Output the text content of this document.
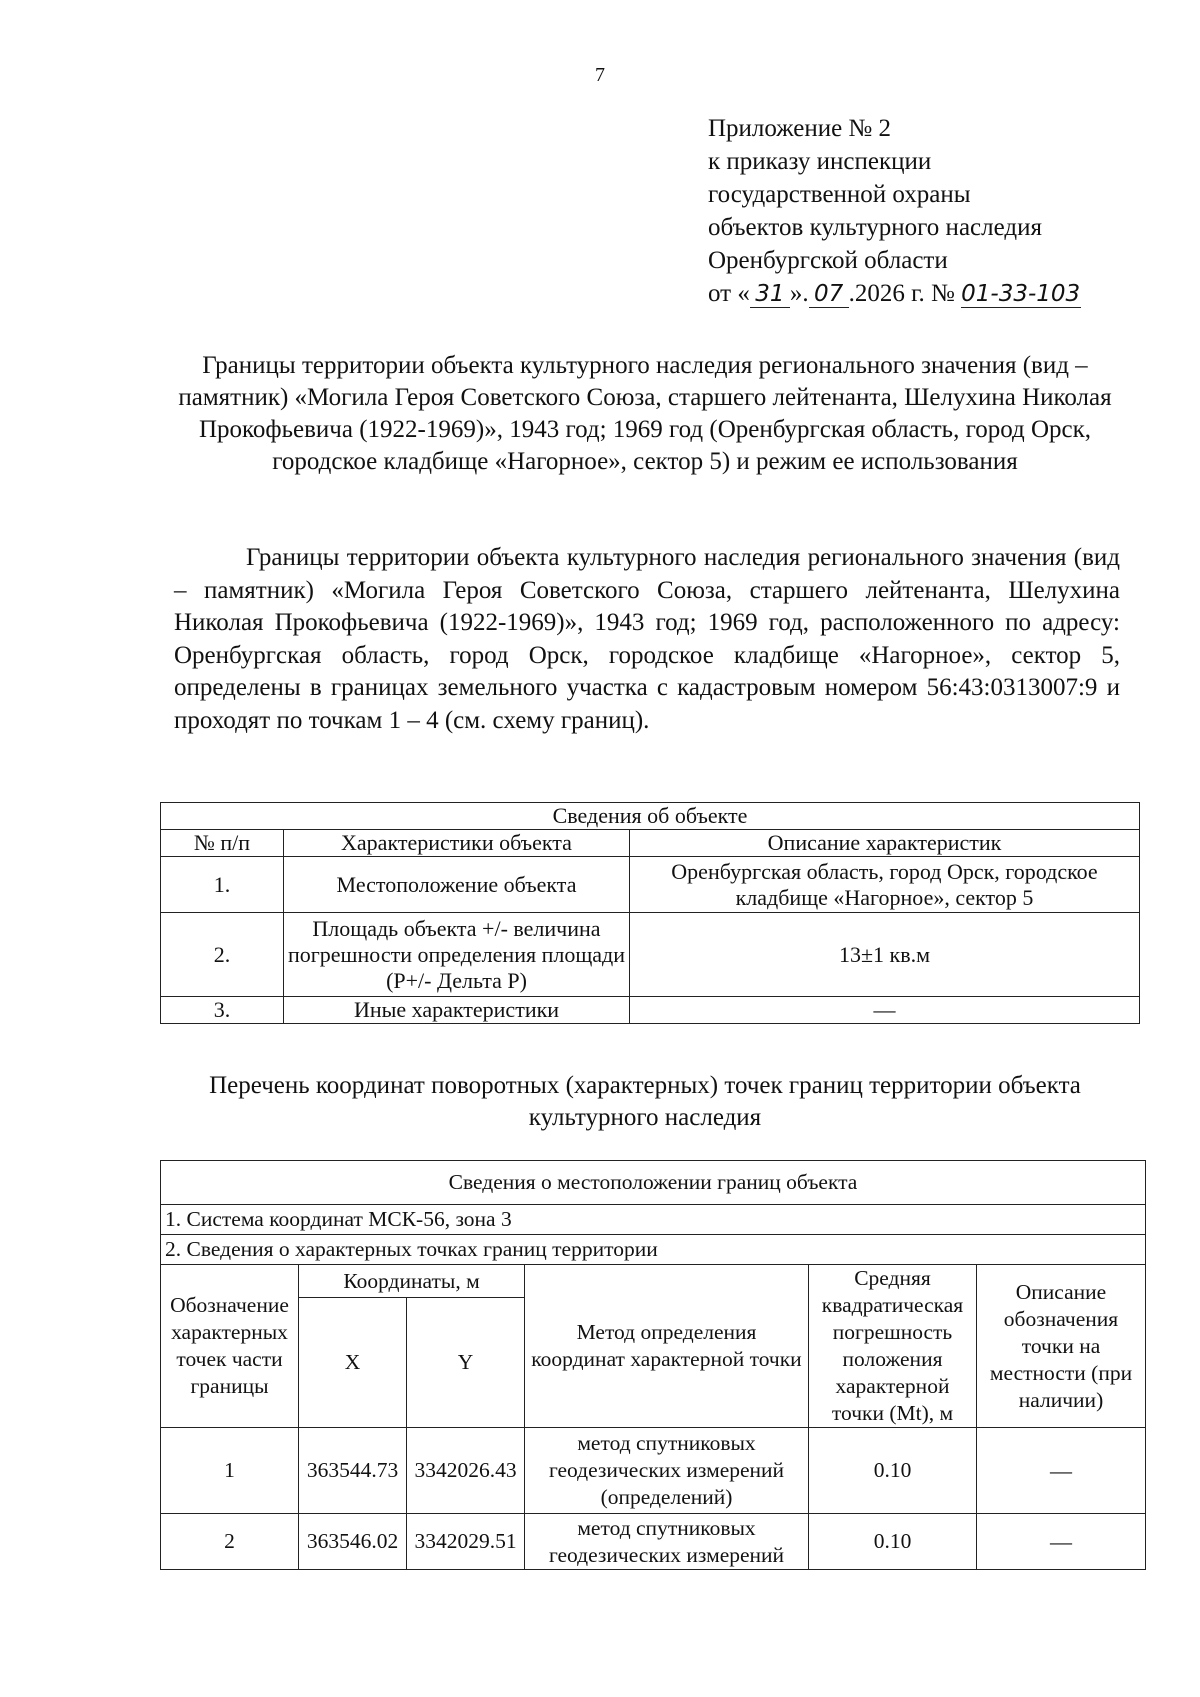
7
Приложение № 2
к приказу инспекции
государственной охраны
объектов культурного наследия
Оренбургской области
от « 31 ». 07 .2026 г. № 01-33-103
Границы территории объекта культурного наследия регионального значения (вид – памятник) «Могила Героя Советского Союза, старшего лейтенанта, Шелухина Николая Прокофьевича (1922-1969)», 1943 год; 1969 год (Оренбургская область, город Орск, городское кладбище «Нагорное», сектор 5) и режим ее использования
Границы территории объекта культурного наследия регионального значения (вид – памятник) «Могила Героя Советского Союза, старшего лейтенанта, Шелухина Николая Прокофьевича (1922-1969)», 1943 год; 1969 год, расположенного по адресу: Оренбургская область, город Орск, городское кладбище «Нагорное», сектор 5, определены в границах земельного участка с кадастровым номером 56:43:0313007:9 и проходят по точкам 1 – 4 (см. схему границ).
Сведения об объекте		
№ п/п	Характеристики объекта	Описание характеристик
1.	Местоположение объекта	Оренбургская область, город Орск, городское кладбище «Нагорное», сектор 5
2.	Площадь объекта +/- величина погрешности определения площади (Р+/- Дельта Р)	13±1 кв.м
3.	Иные характеристики	—
Перечень координат поворотных (характерных) точек границ территории объекта культурного наследия
Сведения о местоположении границ объекта					
1. Система координат МСК-56, зона 3					
2. Сведения о характерных точках границ территории					
Обозначение характерных точек части границы	Координаты, м		Метод определения координат характерной точки	Средняя квадратическая погрешность положения характерной точки (Mt), м	Описание обозначения точки на местности (при наличии)
	X	Y			
1	363544.73	3342026.43	метод спутниковых геодезических измерений (определений)	0.10	—
2	363546.02	3342029.51	метод спутниковых геодезических измерений	0.10	—
